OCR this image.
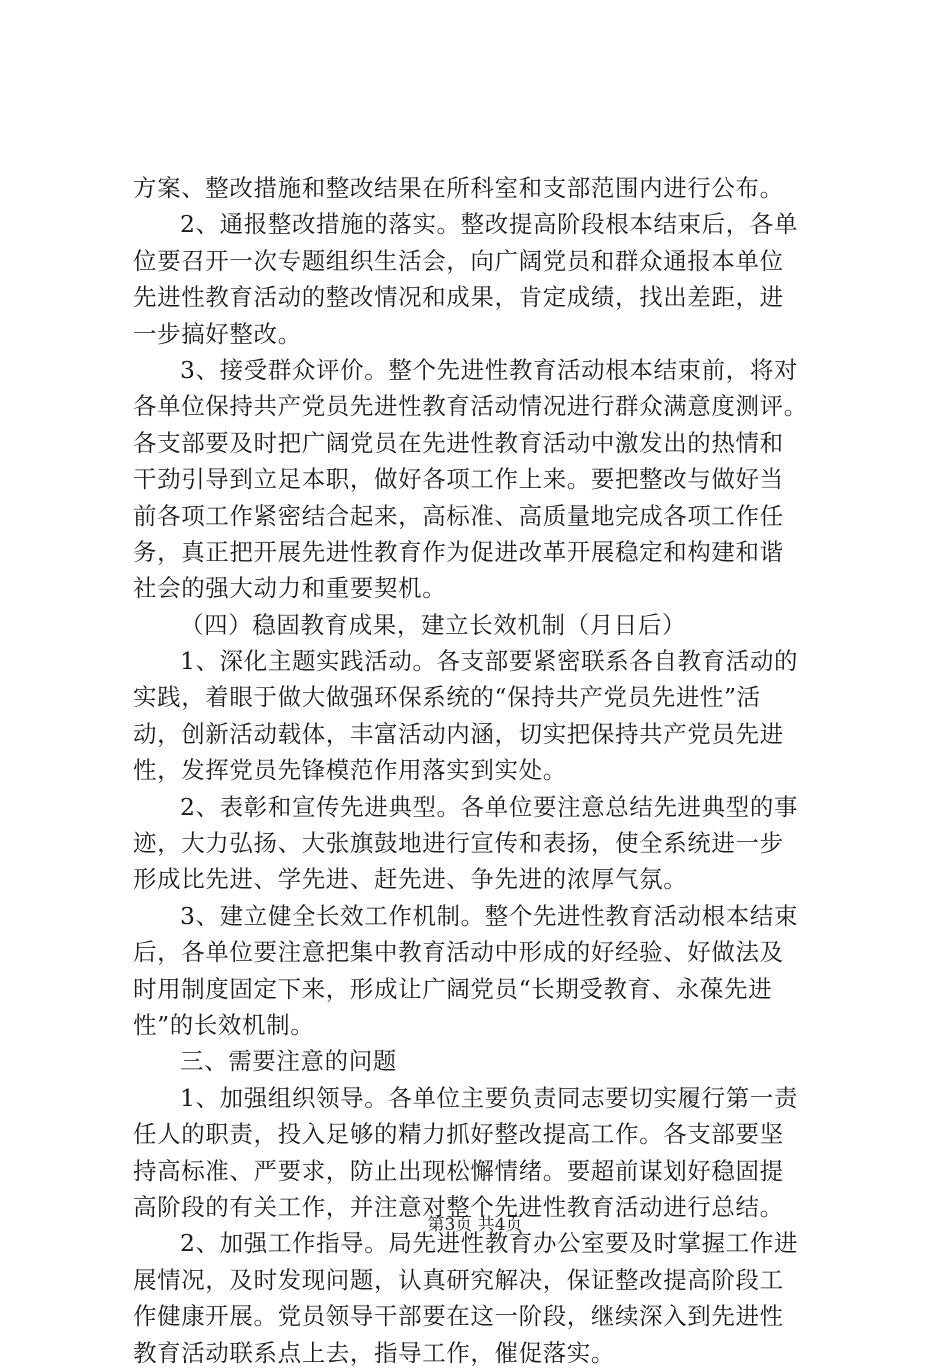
方案、整改措施和整改结果在所科室和支部范围内进行公布。
2、通报整改措施的落实。整改提高阶段根本结束后，各单
位要召开一次专题组织生活会，向广阔党员和群众通报本单位
先进性教育活动的整改情况和成果，肯定成绩，找出差距，进
一步搞好整改。
3、接受群众评价。整个先进性教育活动根本结束前，将对
各单位保持共产党员先进性教育活动情况进行群众满意度测评。
各支部要及时把广阔党员在先进性教育活动中激发出的热情和
干劲引导到立足本职，做好各项工作上来。要把整改与做好当
前各项工作紧密结合起来，高标准、高质量地完成各项工作任
务，真正把开展先进性教育作为促进改革开展稳定和构建和谐
社会的强大动力和重要契机。
（四）稳固教育成果，建立长效机制（月日后）
1、深化主题实践活动。各支部要紧密联系各自教育活动的
实践，着眼于做大做强环保系统的“保持共产党员先进性”活
动，创新活动载体，丰富活动内涵，切实把保持共产党员先进
性，发挥党员先锋模范作用落实到实处。
2、表彰和宣传先进典型。各单位要注意总结先进典型的事
迹，大力弘扬、大张旗鼓地进行宣传和表扬，使全系统进一步
形成比先进、学先进、赶先进、争先进的浓厚气氛。
3、建立健全长效工作机制。整个先进性教育活动根本结束
后，各单位要注意把集中教育活动中形成的好经验、好做法及
时用制度固定下来，形成让广阔党员“长期受教育、永葆先进
性”的长效机制。
三、需要注意的问题
1、加强组织领导。各单位主要负责同志要切实履行第一责
任人的职责，投入足够的精力抓好整改提高工作。各支部要坚
持高标准、严要求，防止出现松懈情绪。要超前谋划好稳固提
高阶段的有关工作，并注意对整个先进性教育活动进行总结。
2、加强工作指导。局先进性教育办公室要及时掌握工作进
展情况，及时发现问题，认真研究解决，保证整改提高阶段工
作健康开展。党员领导干部要在这一阶段，继续深入到先进性
教育活动联系点上去，指导工作，催促落实。
第3页 共4页
